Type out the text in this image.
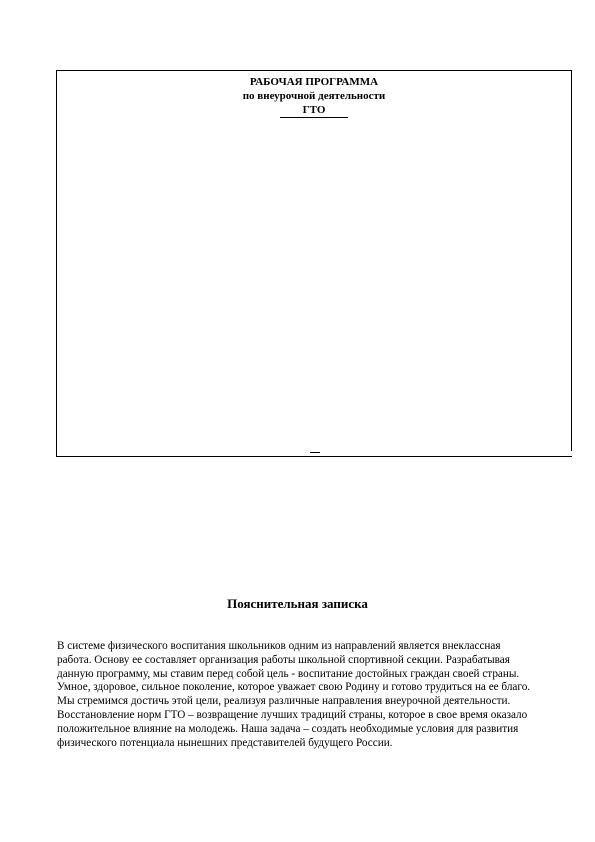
РАБОЧАЯ ПРОГРАММА
по внеурочной деятельности
ГТО
Пояснительная записка

В системе физического воспитания школьников одним из направлений является внеклассная работа. Основу ее составляет организация работы школьной спортивной секции. Разрабатывая данную программу, мы ставим перед собой цель - воспитание достойных граждан своей страны. Умное, здоровое, сильное поколение, которое уважает свою Родину и готово трудиться на ее благо. Мы стремимся достичь этой цели, реализуя различные направления внеурочной деятельности. Восстановление норм ГТО – возвращение лучших традиций страны, которое в свое время оказало положительное влияние на молодежь. Наша задача – создать необходимые условия для развития физического потенциала нынешних представителей будущего России.
